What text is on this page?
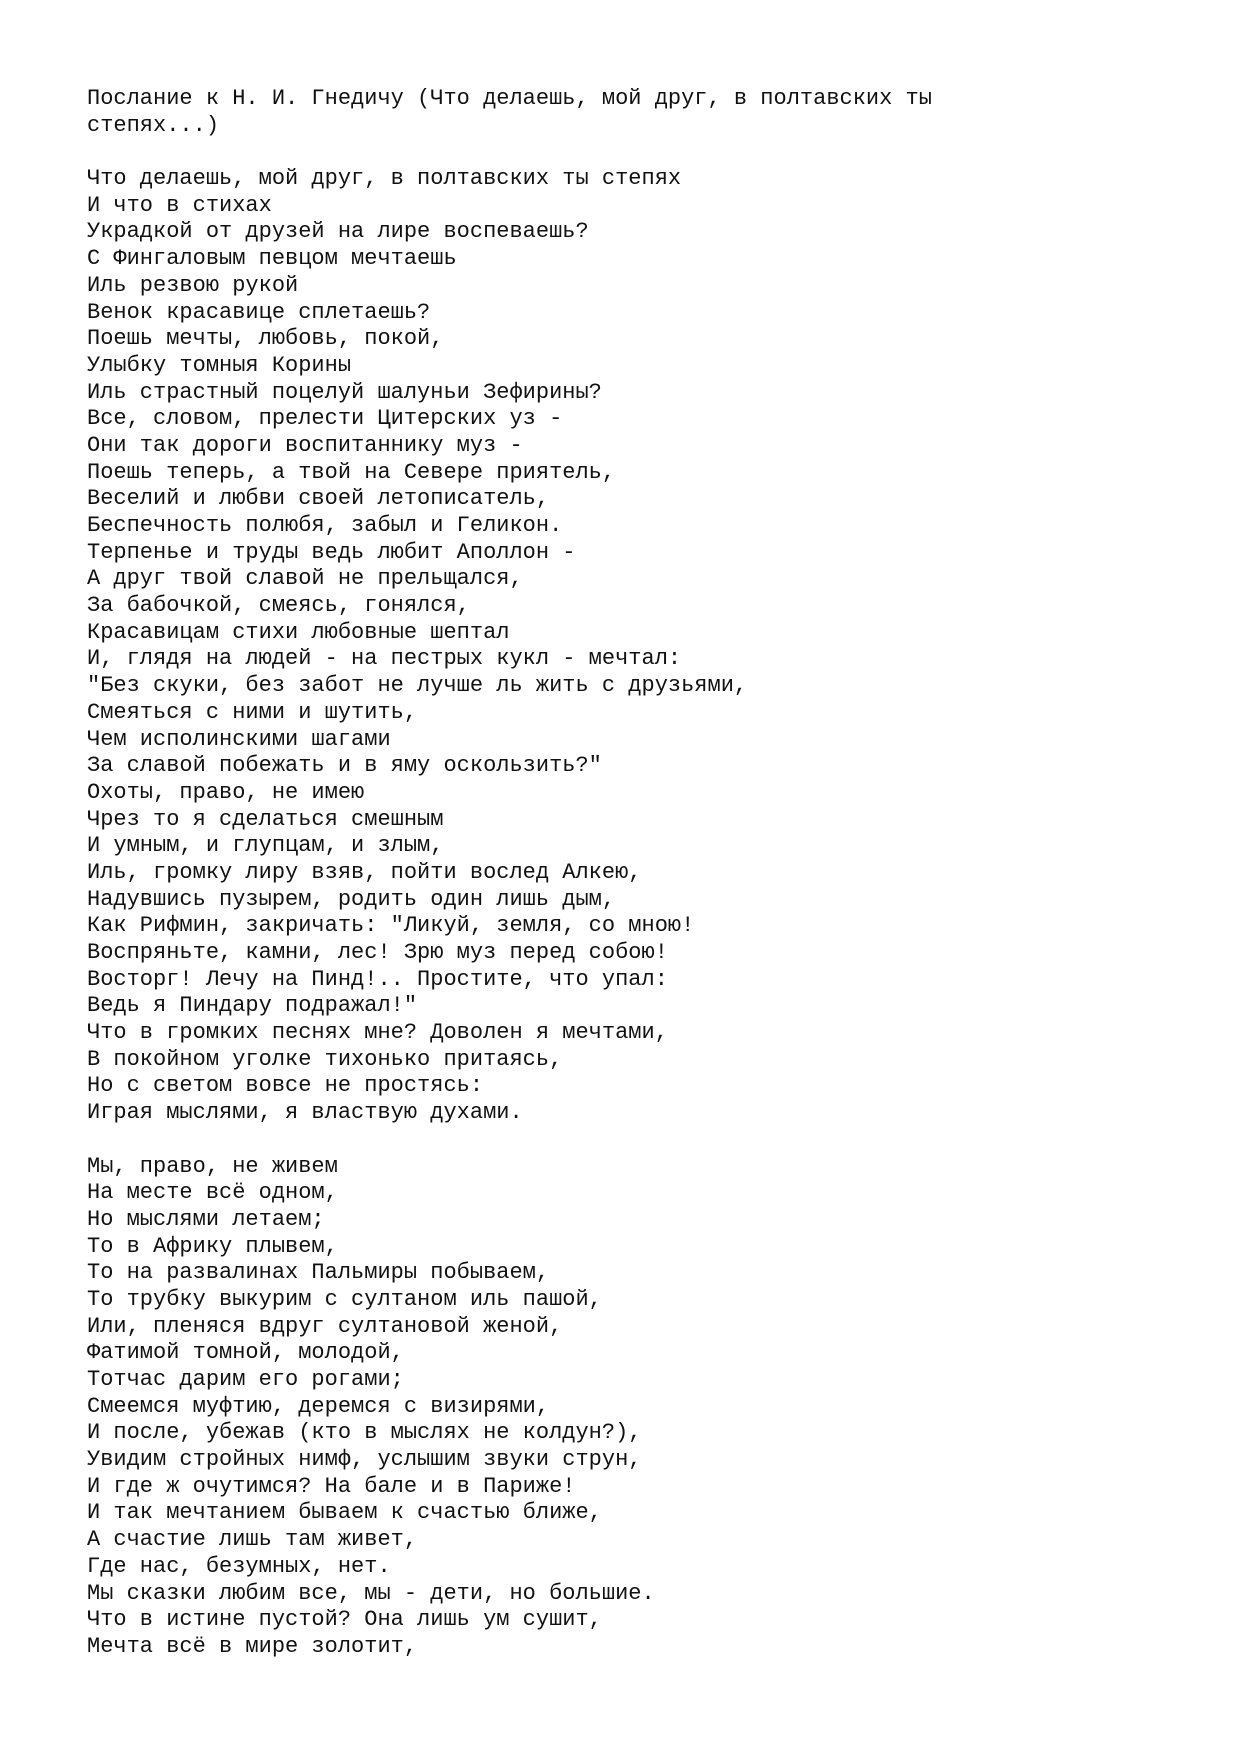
Послание к Н. И. Гнедичу (Что делаешь, мой друг, в полтавских ты
степях...)
Что делаешь, мой друг, в полтавских ты степях
И что в стихах
Украдкой от друзей на лире воспеваешь?
С Фингаловым певцом мечтаешь
Иль резвою рукой
Венок красавице сплетаешь?
Поешь мечты, любовь, покой,
Улыбку томныя Корины
Иль страстный поцелуй шалуньи Зефирины?
Все, словом, прелести Цитерских уз -
Они так дороги воспитаннику муз -
Поешь теперь, а твой на Севере приятель,
Веселий и любви своей летописатель,
Беспечность полюбя, забыл и Геликон.
Терпенье и труды ведь любит Аполлон -
А друг твой славой не прельщался,
За бабочкой, смеясь, гонялся,
Красавицам стихи любовные шептал
И, глядя на людей - на пестрых кукл - мечтал:
"Без скуки, без забот не лучше ль жить с друзьями,
Смеяться с ними и шутить,
Чем исполинскими шагами
За славой побежать и в яму оскользить?"
Охоты, право, не имею
Чрез то я сделаться смешным
И умным, и глупцам, и злым,
Иль, громку лиру взяв, пойти вослед Алкею,
Надувшись пузырем, родить один лишь дым,
Как Рифмин, закричать: "Ликуй, земля, со мною!
Воспряньте, камни, лес! Зрю муз перед собою!
Восторг! Лечу на Пинд!.. Простите, что упал:
Ведь я Пиндару подражал!"
Что в громких песнях мне? Доволен я мечтами,
В покойном уголке тихонько притаясь,
Но с светом вовсе не простясь:
Играя мыслями, я властвую духами.
Мы, право, не живем
На месте всё одном,
Но мыслями летаем;
То в Африку плывем,
То на развалинах Пальмиры побываем,
То трубку выкурим с султаном иль пашой,
Или, пленяся вдруг султановой женой,
Фатимой томной, молодой,
Тотчас дарим его рогами;
Смеемся муфтию, деремся с визирями,
И после, убежав (кто в мыслях не колдун?),
Увидим стройных нимф, услышим звуки струн,
И где ж очутимся? На бале и в Париже!
И так мечтанием бываем к счастью ближе,
А счастие лишь там живет,
Где нас, безумных, нет.
Мы сказки любим все, мы - дети, но большие.
Что в истине пустой? Она лишь ум сушит,
Мечта всё в мире золотит,
